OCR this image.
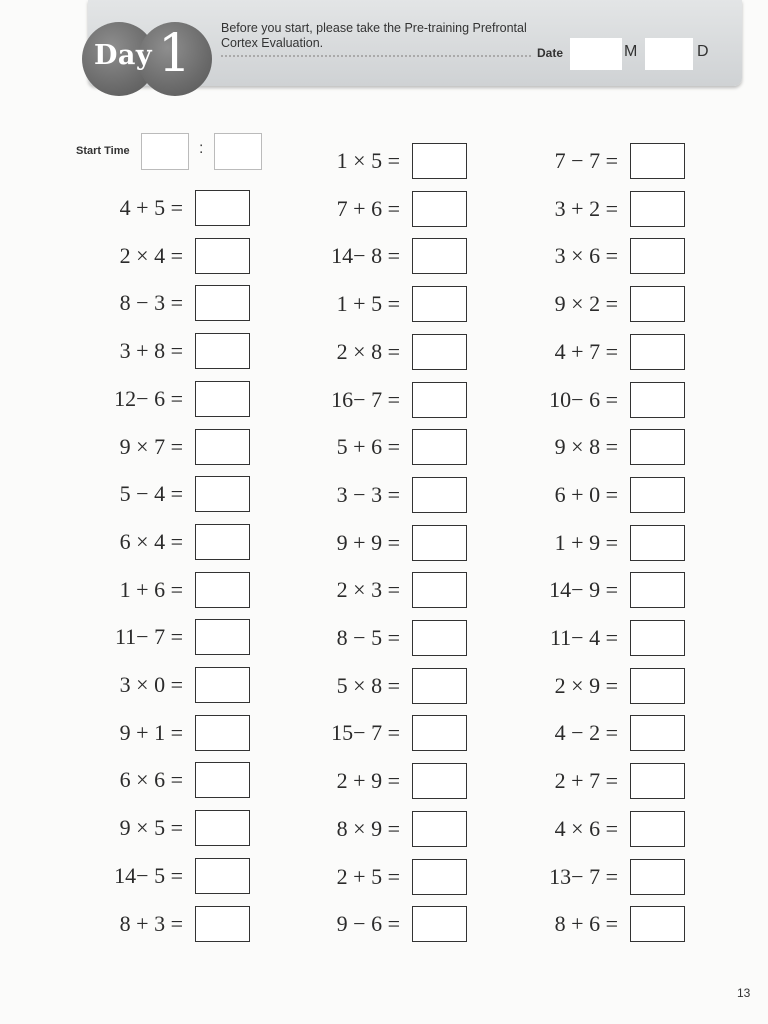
Day 1 Before you start, please take the Pre-training Prefrontal Cortex Evaluation.
Date	M	D
Start Time	:
4 + 5 =
2 × 4 =
8 − 3 =
3 + 8 =
12− 6 =
9 × 7 =
5 − 4 =
6 × 4 =
1 + 6 =
11− 7 =
3 × 0 =
9 + 1 =
6 × 6 =
9 × 5 =
14− 5 =
8 + 3 =
1 × 5 =
7 + 6 =
14− 8 =
1 + 5 =
2 × 8 =
16− 7 =
5 + 6 =
3 − 3 =
9 + 9 =
2 × 3 =
8 − 5 =
5 × 8 =
15− 7 =
2 + 9 =
8 × 9 =
2 + 5 =
9 − 6 =
7 − 7 =
3 + 2 =
3 × 6 =
9 × 2 =
4 + 7 =
10− 6 =
9 × 8 =
6 + 0 =
1 + 9 =
14− 9 =
11− 4 =
2 × 9 =
4 − 2 =
2 + 7 =
4 × 6 =
13− 7 =
8 + 6 =
13
